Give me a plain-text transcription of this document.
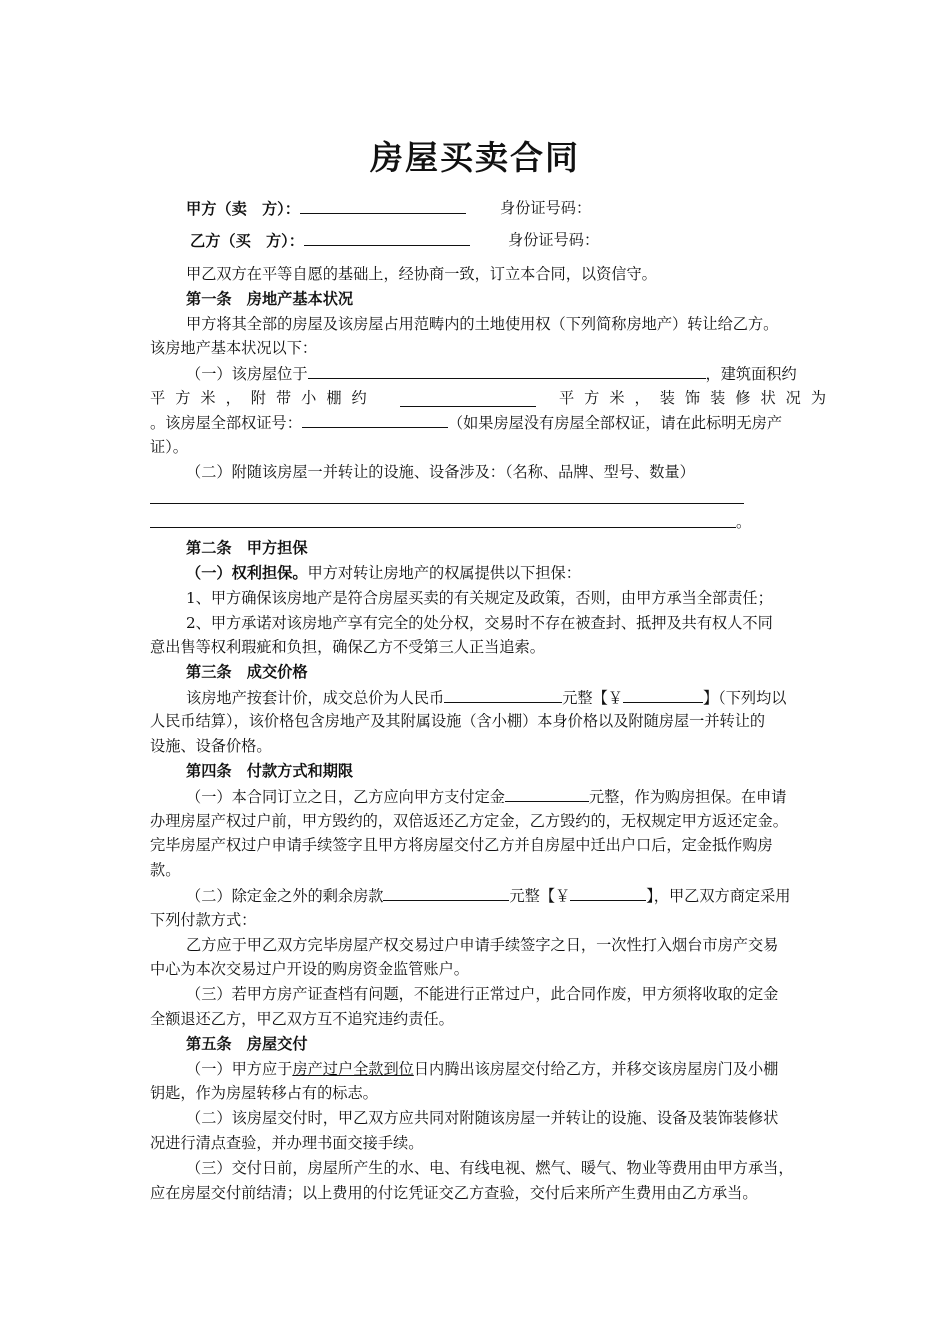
房屋买卖合同
甲方（卖　方）：	身份证号码：
乙方（买　方）：	身份证号码：
甲乙双方在平等自愿的基础上，经协商一致，订立本合同，以资信守。
第一条　房地产基本状况
甲方将其全部的房屋及该房屋占用范畴内的土地使用权（下列简称房地产）转让给乙方。
该房地产基本状况以下：
（一）该房屋位于	，建筑面积约
平方米，附带小棚约	平方米，装饰装修状况为
。该房屋全部权证号：	（如果房屋没有房屋全部权证，请在此标明无房产
证）。
（二）附随该房屋一并转让的设施、设备涉及：（名称、品牌、型号、数量）
。
第二条　甲方担保
（一）权利担保。甲方对转让房地产的权属提供以下担保：
1、甲方确保该房地产是符合房屋买卖的有关规定及政策，否则，由甲方承当全部责任；
2、甲方承诺对该房地产享有完全的处分权，交易时不存在被查封、抵押及共有权人不同
意出售等权利瑕疵和负担，确保乙方不受第三人正当追索。
第三条　成交价格
该房地产按套计价，成交总价为人民币	元整【￥	】（下列均以
人民币结算），该价格包含房地产及其附属设施（含小棚）本身价格以及附随房屋一并转让的
设施、设备价格。
第四条　付款方式和期限
（一）本合同订立之日，乙方应向甲方支付定金	元整，作为购房担保。在申请
办理房屋产权过户前，甲方毁约的，双倍返还乙方定金，乙方毁约的，无权规定甲方返还定金。
完毕房屋产权过户申请手续签字且甲方将房屋交付乙方并自房屋中迁出户口后，定金抵作购房
款。
（二）除定金之外的剩余房款	元整【￥	】，甲乙双方商定采用
下列付款方式：
乙方应于甲乙双方完毕房屋产权交易过户申请手续签字之日，一次性打入烟台市房产交易
中心为本次交易过户开设的购房资金监管账户。
（三）若甲方房产证查档有问题，不能进行正常过户，此合同作废，甲方须将收取的定金
全额退还乙方，甲乙双方互不追究违约责任。
第五条　房屋交付
（一）甲方应于房产过户全款到位日内腾出该房屋交付给乙方，并移交该房屋房门及小棚
钥匙，作为房屋转移占有的标志。
（二）该房屋交付时，甲乙双方应共同对附随该房屋一并转让的设施、设备及装饰装修状
况进行清点查验，并办理书面交接手续。
（三）交付日前，房屋所产生的水、电、有线电视、燃气、暖气、物业等费用由甲方承当，
应在房屋交付前结清；以上费用的付讫凭证交乙方查验，交付后来所产生费用由乙方承当。
